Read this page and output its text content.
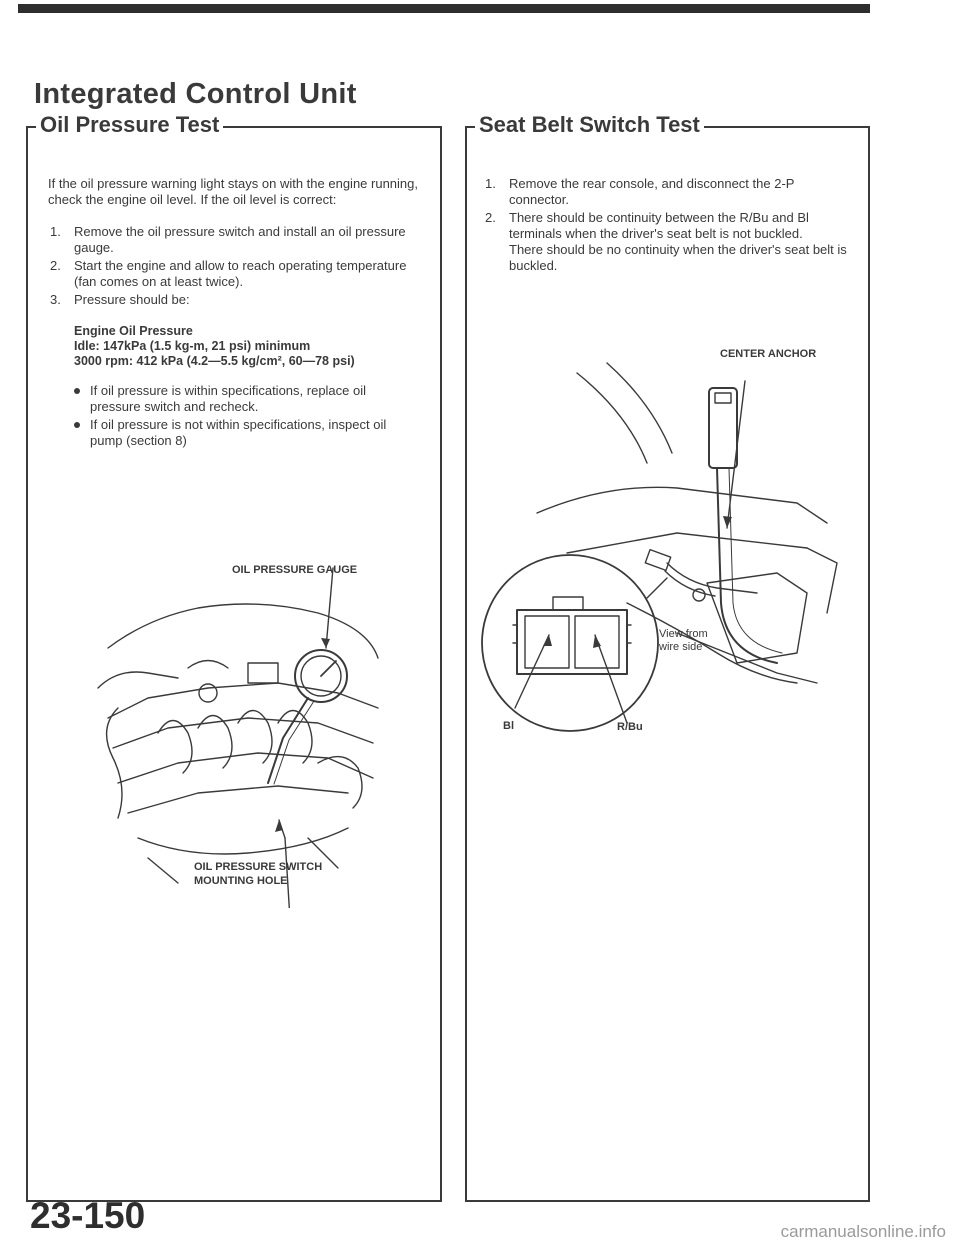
Integrated Control Unit
Oil Pressure Test

If the oil pressure warning light stays on with the engine running, check the engine oil level. If the oil level is correct:

1. Remove the oil pressure switch and install an oil pressure gauge.
2. Start the engine and allow to reach operating temperature (fan comes on at least twice).
3. Pressure should be:
Engine Oil Pressure
Idle: 147kPa (1.5 kg-m, 21 psi) minimum
3000 rpm: 412 kPa (4.2—5.5 kg/cm², 60—78 psi)
If oil pressure is within specifications, replace oil pressure switch and recheck.
If oil pressure is not within specifications, inspect oil pump (section 8)
OIL PRESSURE GAUGE
OIL PRESSURE SWITCH
MOUNTING HOLE
Seat Belt Switch Test
1. Remove the rear console, and disconnect the 2-P connector.
2. There should be continuity between the R/Bu and Bl terminals when the driver's seat belt is not buckled.
There should be no continuity when the driver's seat belt is buckled.
CENTER ANCHOR
View from
wire side
Bl	R/Bu
23-150	carmanualsonline.info
